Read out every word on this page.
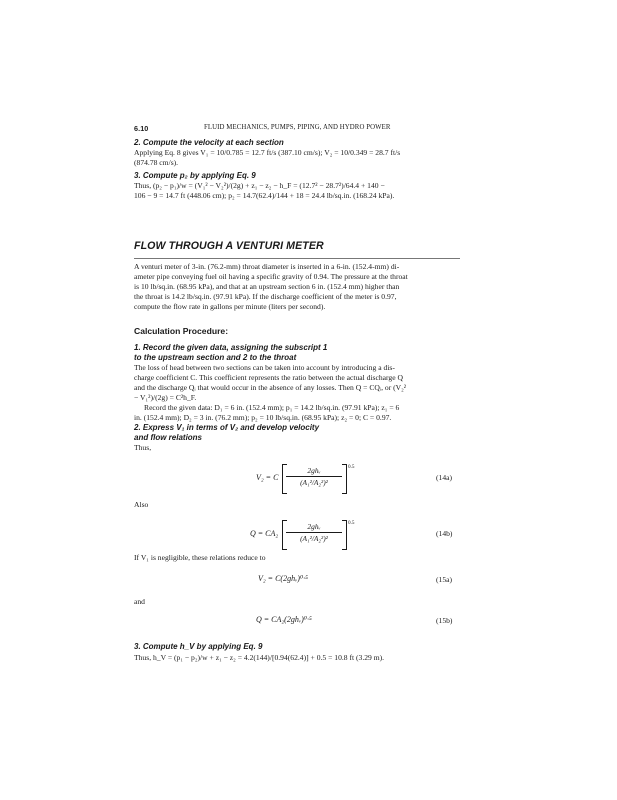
6.10	FLUID MECHANICS, PUMPS, PIPING, AND HYDRO POWER
2. Compute the velocity at each section
Applying Eq. 8 gives V₁ = 10/0.785 = 12.7 ft/s (387.10 cm/s); V₂ = 10/0.349 = 28.7 ft/s
(874.78 cm/s).
3. Compute p₂ by applying Eq. 9
Thus, (p₂ − p₁)/w = (V₁² − V₂²)/(2g) + z₁ − z₂ − h_F = (12.7² − 28.7²)/64.4 + 140 −
106 − 9 = 14.7 ft (448.06 cm); p₂ = 14.7(62.4)/144 + 18 = 24.4 lb/sq.in. (168.24 kPa).
FLOW THROUGH A VENTURI METER
A venturi meter of 3-in. (76.2-mm) throat diameter is inserted in a 6-in. (152.4-mm) di-
ameter pipe conveying fuel oil having a specific gravity of 0.94. The pressure at the throat
is 10 lb/sq.in. (68.95 kPa), and that at an upstream section 6 in. (152.4 mm) higher than
the throat is 14.2 lb/sq.in. (97.91 kPa). If the discharge coefficient of the meter is 0.97,
compute the flow rate in gallons per minute (liters per second).
Calculation Procedure:
1. Record the given data, assigning the subscript 1
to the upstream section and 2 to the throat
The loss of head between two sections can be taken into account by introducing a dis-
charge coefficient C. This coefficient represents the ratio between the actual discharge Q
and the discharge Qᵢ that would occur in the absence of any losses. Then Q = CQᵢ, or (V₂²
− V₁²)/(2g) = C²h_F.
Record the given data: D₁ = 6 in. (152.4 mm); p₁ = 14.2 lb/sq.in. (97.91 kPa); z₁ = 6
in. (152.4 mm); D₂ = 3 in. (76.2 mm); p₂ = 10 lb/sq.in. (68.95 kPa); z₂ = 0; C = 0.97.
2. Express V₁ in terms of V₂ and develop velocity
and flow relations
Thus,
V₂ = C
2ghᵥ
(A₁²/A₂²)²
0.5
(14a)
Also
Q = CA₂
2ghᵥ
(A₁²/A₂²)²
0.5
(14b)
If V₁ is negligible, these relations reduce to
V₂ = C(2ghᵥ)⁰·⁵	(15a)
and
Q = CA₂(2ghᵥ)⁰·⁵	(15b)
3. Compute h_V by applying Eq. 9
Thus, h_V = (p₁ − p₂)/w + z₁ − z₂ = 4.2(144)/[0.94(62.4)] + 0.5 = 10.8 ft (3.29 m).
